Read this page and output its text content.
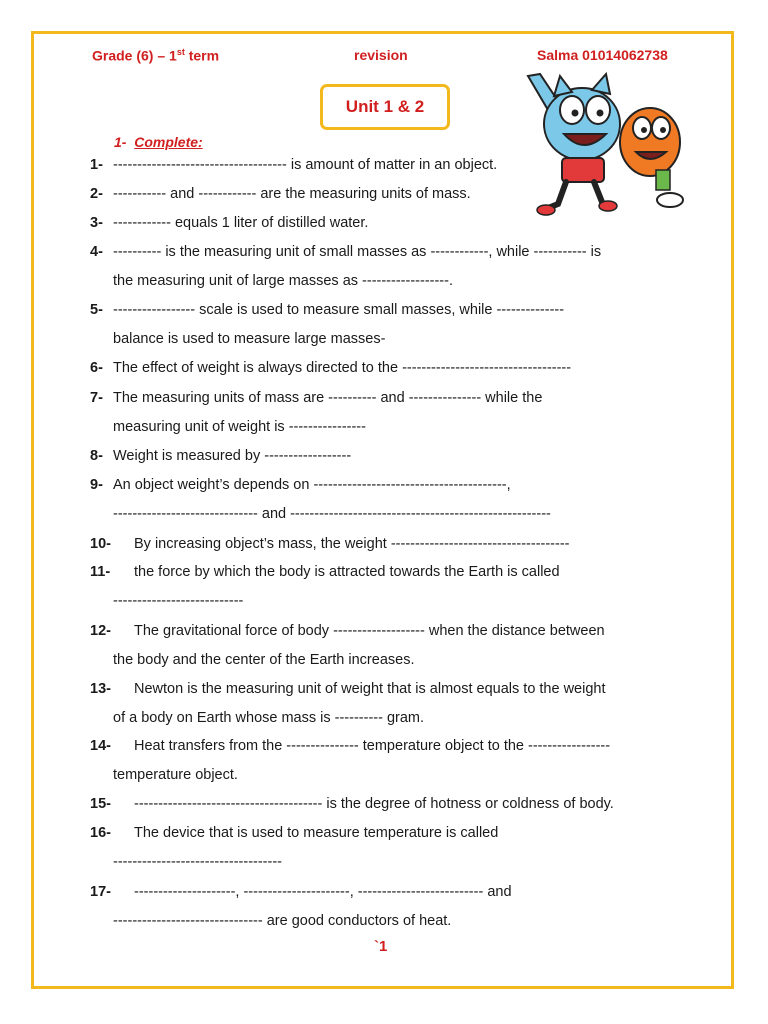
Grade (6) – 1st term	revision	Salma 01014062738
Unit 1 & 2
1- Complete:
1- ------------------------------------ is amount of matter in an object.
2- ----------- and ------------ are the measuring units of mass.
3- ------------ equals 1 liter of distilled water.
4- ---------- is the measuring unit of small masses as ------------, while ----------- is
the measuring unit of large masses as ------------------.
5- ----------------- scale is used to measure small masses, while --------------
balance is used to measure large masses-
6- The effect of weight is always directed to the -----------------------------------
7- The measuring units of mass are ---------- and --------------- while the
measuring unit of weight is ----------------
8- Weight is measured by ------------------
9- An object weight’s depends on ----------------------------------------,
------------------------------ and ------------------------------------------------------
10- By increasing object’s mass, the weight -------------------------------------
11- the force by which the body is attracted towards the Earth is called
---------------------------
12- The gravitational force of body ------------------- when the distance between
the body and the center of the Earth increases.
13- Newton is the measuring unit of weight that is almost equals to the weight
of a body on Earth whose mass is ---------- gram.
14- Heat transfers from the --------------- temperature object to the -----------------
temperature object.
15- --------------------------------------- is the degree of hotness or coldness of body.
16- The device that is used to measure temperature is called
-----------------------------------
17- ---------------------, ----------------------, -------------------------- and
------------------------------- are good conductors of heat.
`1
